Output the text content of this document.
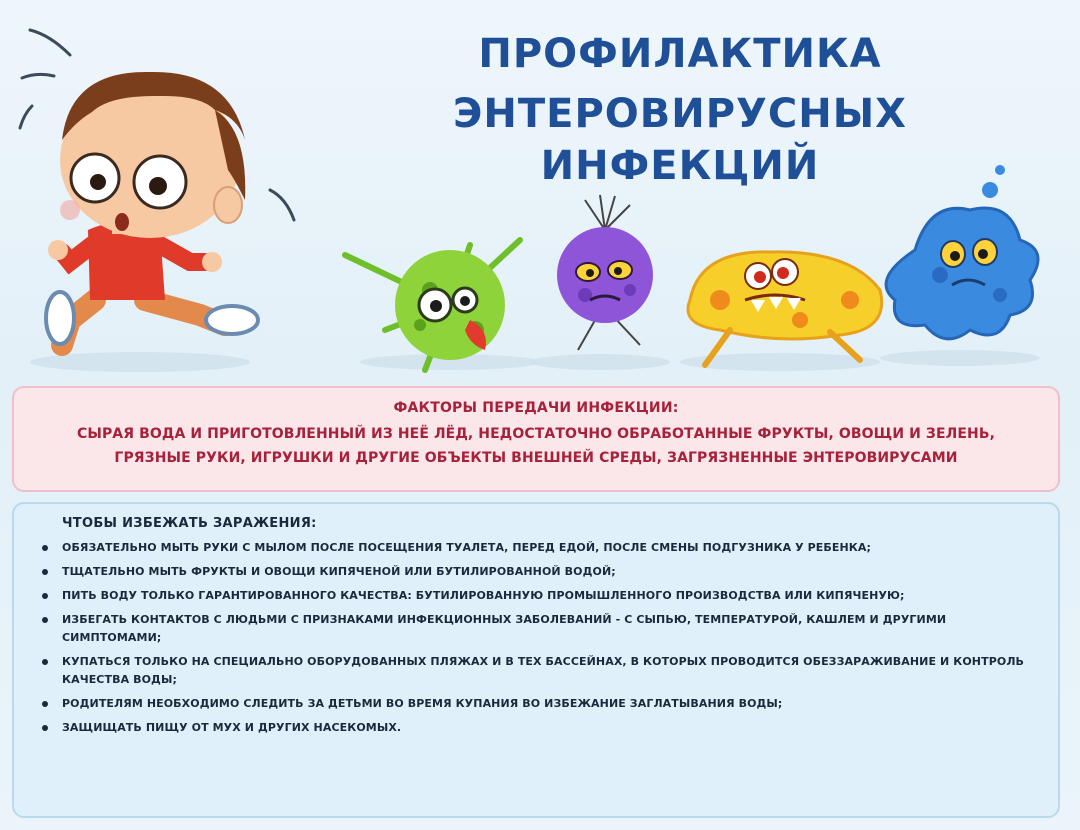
ПРОФИЛАКТИКА
ЭНТЕРОВИРУСНЫХ ИНФЕКЦИЙ
ФАКТОРЫ ПЕРЕДАЧИ ИНФЕКЦИИ:
СЫРАЯ ВОДА И ПРИГОТОВЛЕННЫЙ ИЗ НЕЁ ЛЁД, НЕДОСТАТОЧНО ОБРАБОТАННЫЕ ФРУКТЫ, ОВОЩИ И ЗЕЛЕНЬ,
ГРЯЗНЫЕ РУКИ, ИГРУШКИ И ДРУГИЕ ОБЪЕКТЫ ВНЕШНЕЙ СРЕДЫ, ЗАГРЯЗНЕННЫЕ ЭНТЕРОВИРУСАМИ
ЧТОБЫ ИЗБЕЖАТЬ ЗАРАЖЕНИЯ:
ОБЯЗАТЕЛЬНО МЫТЬ РУКИ С МЫЛОМ ПОСЛЕ ПОСЕЩЕНИЯ ТУАЛЕТА, ПЕРЕД ЕДОЙ, ПОСЛЕ СМЕНЫ ПОДГУЗНИКА У РЕБЕНКА;
ТЩАТЕЛЬНО МЫТЬ ФРУКТЫ И ОВОЩИ КИПЯЧЕНОЙ ИЛИ БУТИЛИРОВАННОЙ ВОДОЙ;
ПИТЬ ВОДУ ТОЛЬКО ГАРАНТИРОВАННОГО КАЧЕСТВА: БУТИЛИРОВАННУЮ ПРОМЫШЛЕННОГО ПРОИЗВОДСТВА ИЛИ КИПЯЧЕНУЮ;
ИЗБЕГАТЬ КОНТАКТОВ С ЛЮДЬМИ С ПРИЗНАКАМИ ИНФЕКЦИОННЫХ ЗАБОЛЕВАНИЙ - С СЫПЬЮ, ТЕМПЕРАТУРОЙ, КАШЛЕМ И ДРУГИМИ СИМПТОМАМИ;
КУПАТЬСЯ ТОЛЬКО НА СПЕЦИАЛЬНО ОБОРУДОВАННЫХ ПЛЯЖАХ И В ТЕХ БАССЕЙНАХ, В КОТОРЫХ ПРОВОДИТСЯ ОБЕЗЗАРАЖИВАНИЕ И КОНТРОЛЬ КАЧЕСТВА ВОДЫ;
РОДИТЕЛЯМ НЕОБХОДИМО СЛЕДИТЬ ЗА ДЕТЬМИ ВО ВРЕМЯ КУПАНИЯ ВО ИЗБЕЖАНИЕ ЗАГЛАТЫВАНИЯ ВОДЫ;
ЗАЩИЩАТЬ ПИЩУ ОТ МУХ И ДРУГИХ НАСЕКОМЫХ.
